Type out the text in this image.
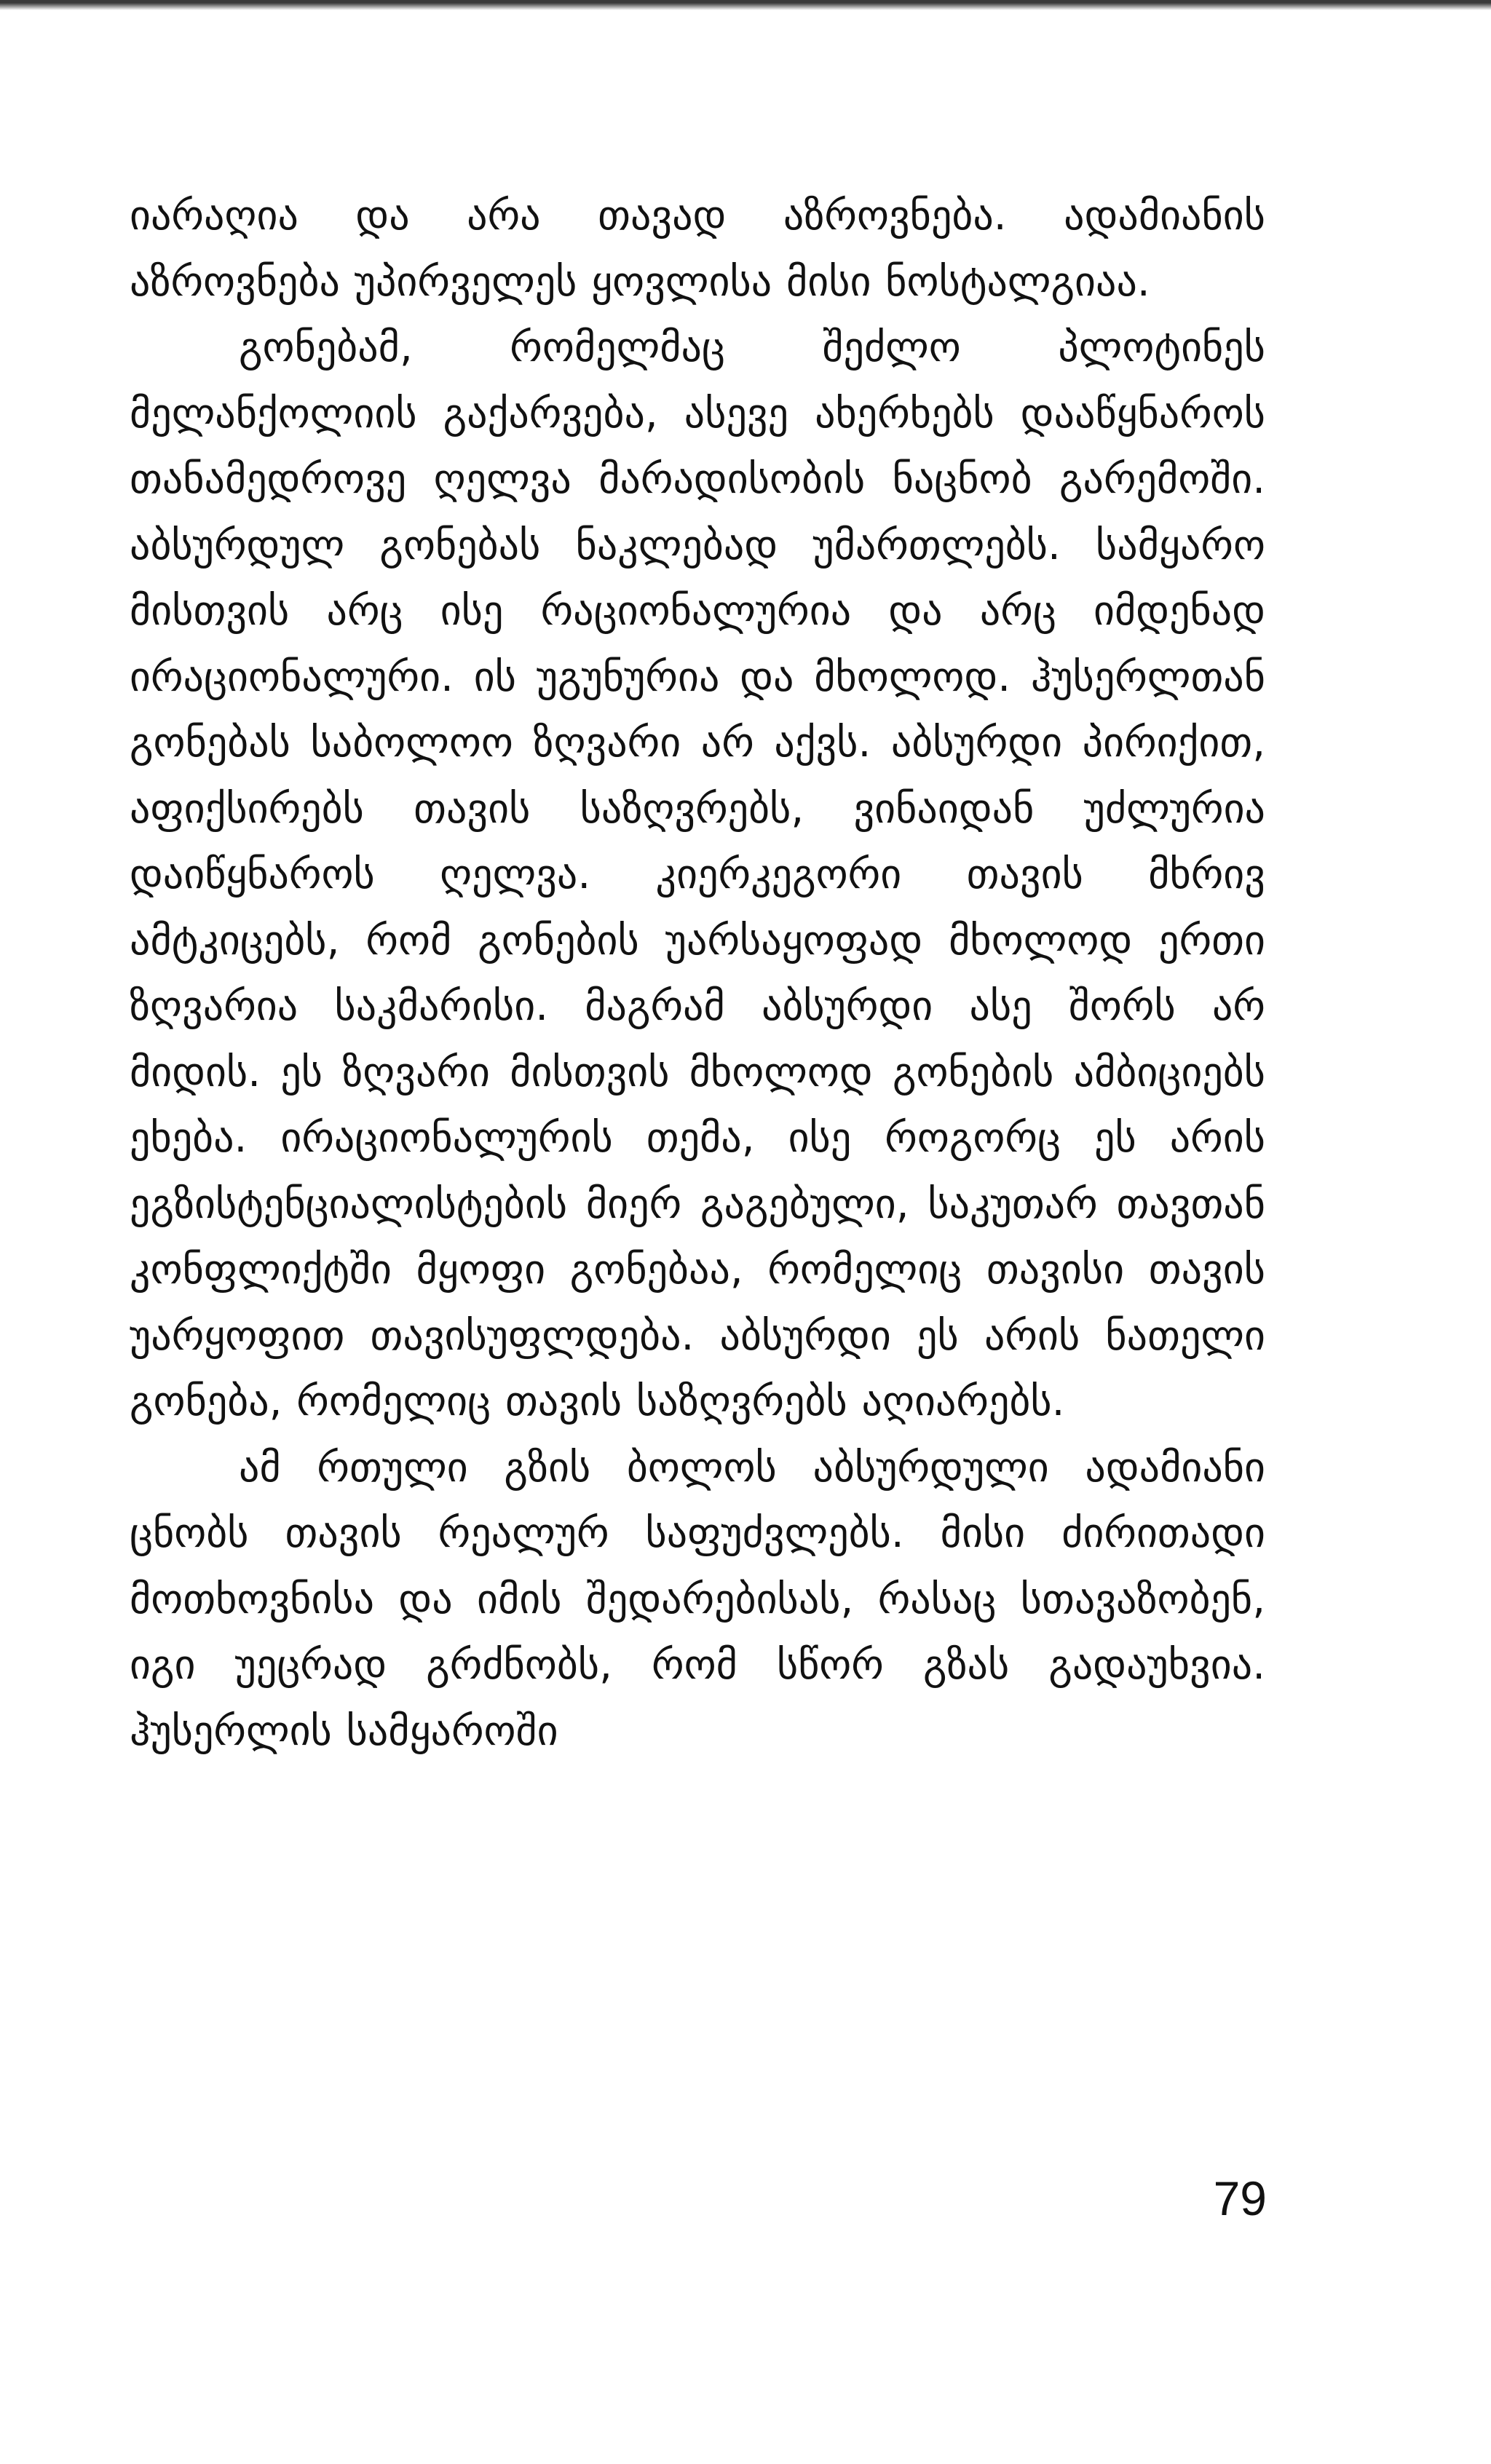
იარაღია და არა თავად აზროვნება. ადამიანის აზროვნება უპირველეს ყოვლისა მისი ნოსტალგიაა.

გონებამ, რომელმაც შეძლო პლოტინეს მელანქოლიის გაქარვება, ასევე ახერხებს დააწყნაროს თანამედროვე ღელვა მარადისობის ნაცნობ გარემოში. აბსურდულ გონებას ნაკლებად უმართლებს. სამყარო მისთვის არც ისე რაციონალურია და არც იმდენად ირაციონალური. ის უგუნურია და მხოლოდ. ჰუსერლთან გონებას საბოლოო ზღვარი არ აქვს. აბსურდი პირიქით, აფიქსირებს თავის საზღვრებს, ვინაიდან უძლურია დაიწყნაროს ღელვა. კიერკეგორი თავის მხრივ ამტკიცებს, რომ გონების უარსაყოფად მხოლოდ ერთი ზღვარია საკმარისი. მაგრამ აბსურდი ასე შორს არ მიდის. ეს ზღვარი მისთვის მხოლოდ გონების ამბიციებს ეხება. ირაციონალურის თემა, ისე როგორც ეს არის ეგზისტენციალისტების მიერ გაგებული, საკუთარ თავთან კონფლიქტში მყოფი გონებაა, რომელიც თავისი თავის უარყოფით თავისუფლდება. აბსურდი ეს არის ნათელი გონება, რომელიც თავის საზღვრებს აღიარებს.

ამ რთული გზის ბოლოს აბსურდული ადამიანი ცნობს თავის რეალურ საფუძვლებს. მისი ძირითადი მოთხოვნისა და იმის შედარებისას, რასაც სთავაზობენ, იგი უეცრად გრძნობს, რომ სწორ გზას გადაუხვია. ჰუსერლის სამყაროში

79
